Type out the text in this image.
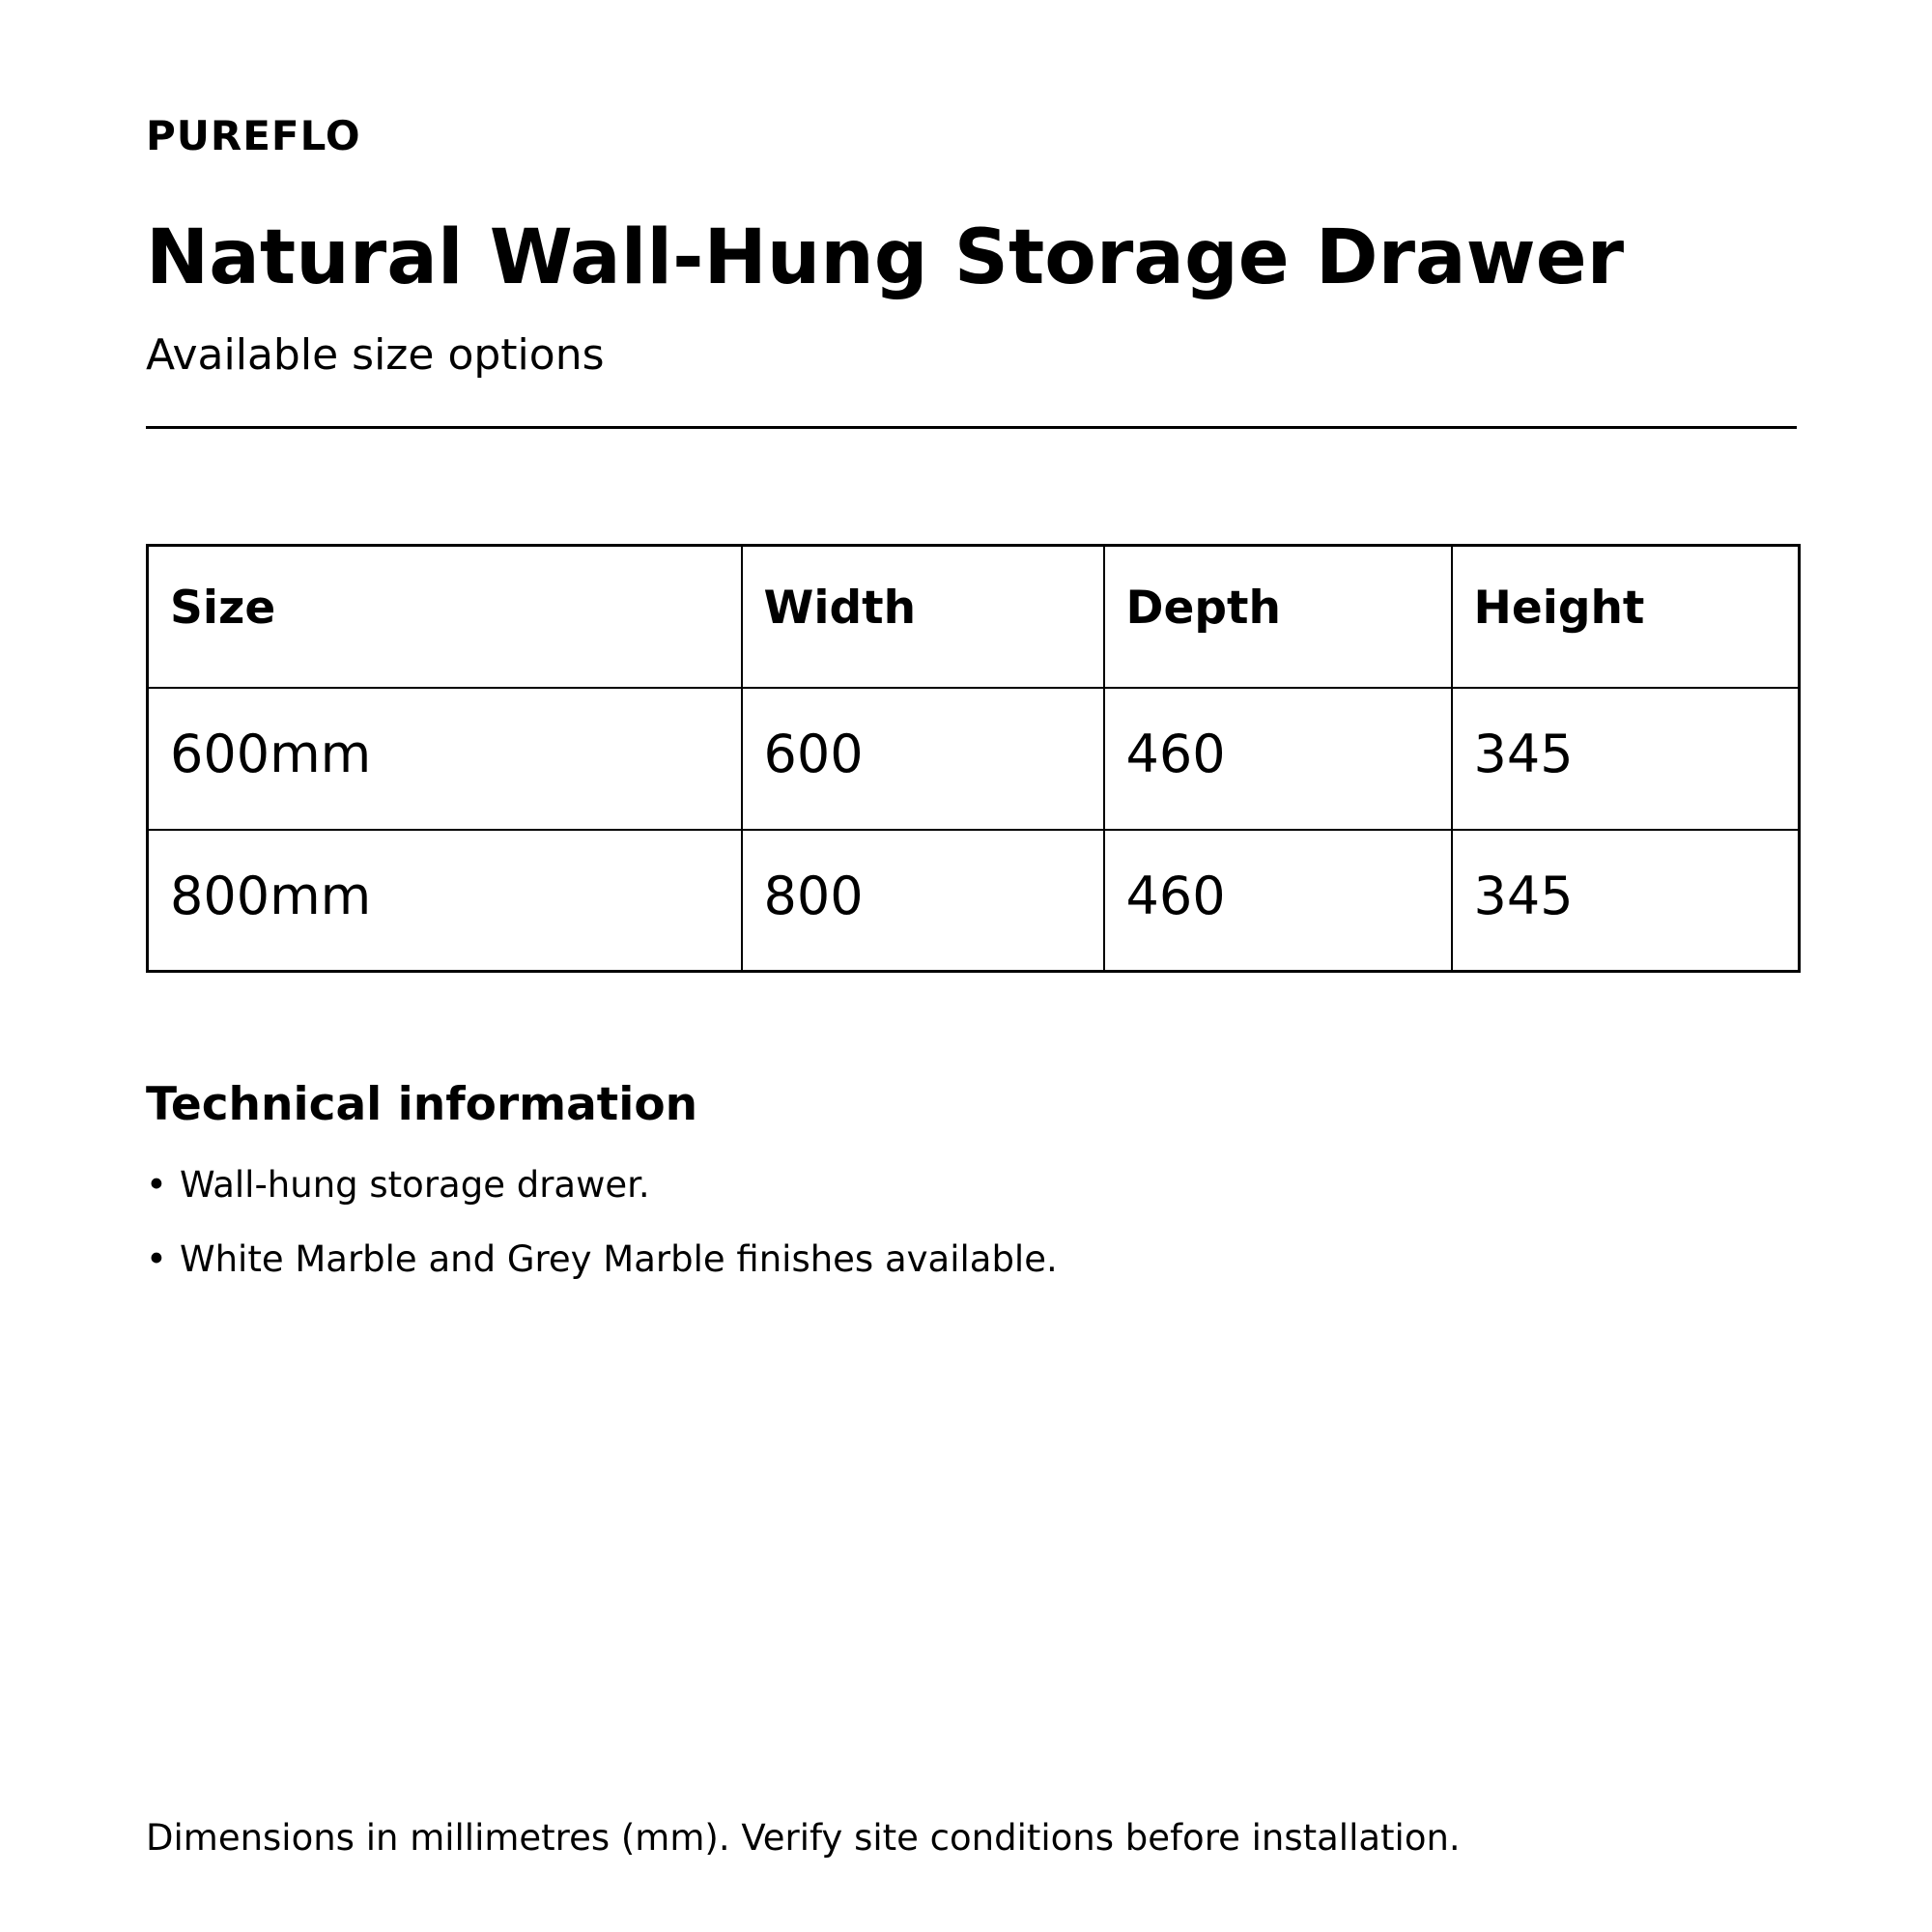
PUREFLO
Natural Wall-Hung Storage Drawer
Available size options
Size	Width	Depth	Height
600mm	600	460	345
800mm	800	460	345
Technical information
• Wall-hung storage drawer.
• White Marble and Grey Marble finishes available.
Dimensions in millimetres (mm). Verify site conditions before installation.
